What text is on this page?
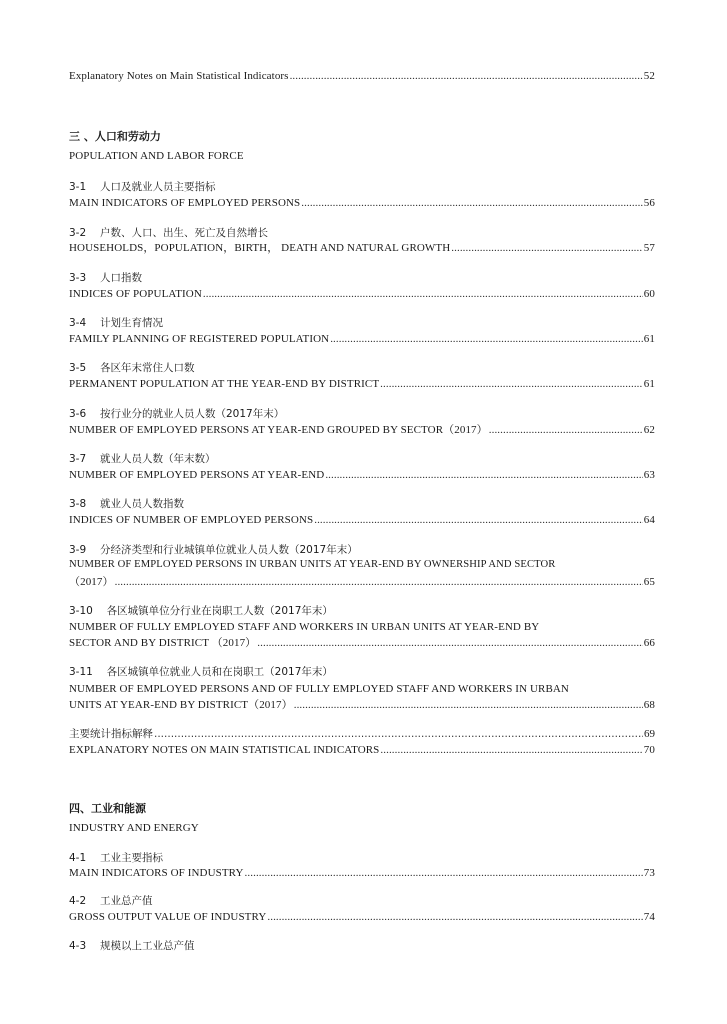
Explanatory Notes on Main Statistical Indicators .....	52
三 、人口和劳动力
POPULATION AND LABOR FORCE
3-1 　人口及就业人员主要指标
MAIN INDICATORS OF EMPLOYED PERSONS .....	56
3-2 　户数、人口、出生、死亡及自然增长
HOUSEHOLDS，POPULATION，BIRTH， DEATH AND NATURAL GROWTH .....	57
3-3 　人口指数
INDICES OF POPULATION .....	60
3-4 　计划生育情况
FAMILY PLANNING OF REGISTERED POPULATION .....	61
3-5 　各区年末常住人口数
PERMANENT POPULATION AT THE YEAR-END BY DISTRICT .....	61
3-6 　按行业分的就业人员人数（2017年末）
NUMBER OF EMPLOYED PERSONS AT YEAR-END GROUPED BY SECTOR（2017） .....	62
3-7 　就业人员人数（年末数）
NUMBER OF EMPLOYED PERSONS AT YEAR-END .....	63
3-8 　就业人员人数指数
INDICES OF NUMBER OF EMPLOYED PERSONS .....	64
3-9 　分经济类型和行业城镇单位就业人员人数（2017年末）
NUMBER OF EMPLOYED PERSONS IN URBAN UNITS AT YEAR-END BY OWNERSHIP AND SECTOR
（2017） .....	65
3-10 　各区城镇单位分行业在岗职工人数（2017年末）
NUMBER OF FULLY EMPLOYED STAFF AND WORKERS IN URBAN UNITS AT YEAR-END BY
SECTOR AND BY DISTRICT （2017） .....	66
3-11 　各区城镇单位就业人员和在岗职工（2017年末）
NUMBER OF EMPLOYED PERSONS AND OF FULLY EMPLOYED STAFF AND WORKERS IN URBAN
UNITS AT YEAR-END BY DISTRICT（2017） .....	68
主要统计指标解释 .....	69
EXPLANATORY NOTES ON MAIN STATISTICAL INDICATORS .....	70
四、工业和能源
INDUSTRY AND ENERGY
4-1 　工业主要指标
MAIN INDICATORS OF INDUSTRY .....	73
4-2 　工业总产值
GROSS OUTPUT VALUE OF INDUSTRY .....	74
4-3 　规模以上工业总产值
